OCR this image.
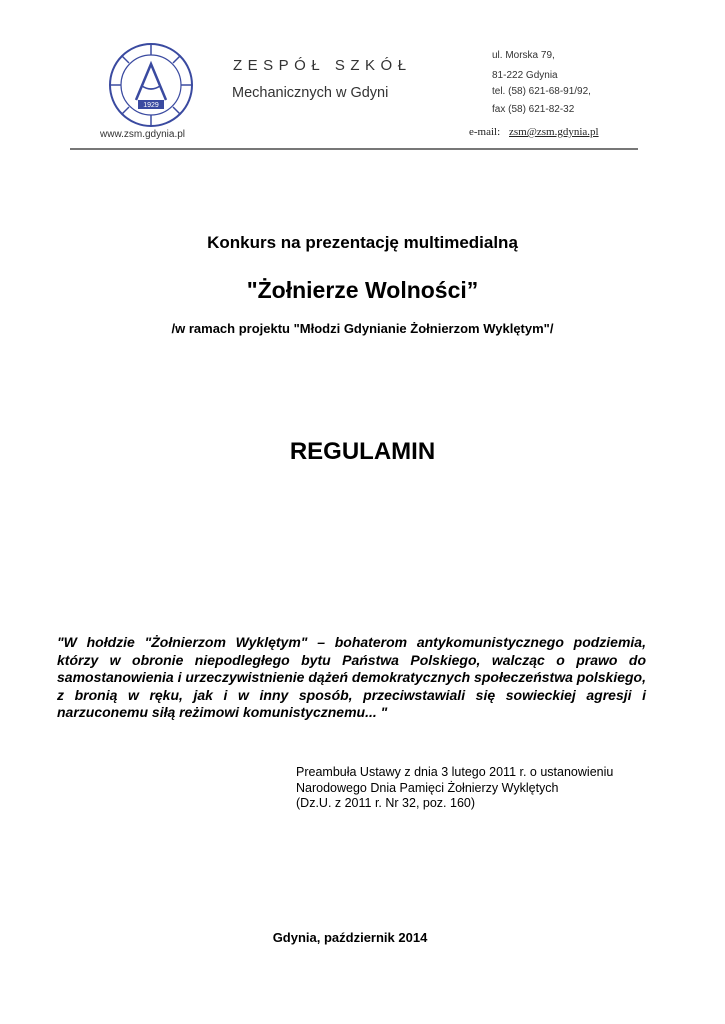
1929
ZESPÓŁ SZKÓŁ
Mechanicznych w Gdyni
www.zsm.gdynia.pl
ul. Morska 79,
81-222 Gdynia
tel. (58) 621-68-91/92,
fax (58) 621-82-32
e-mail: zsm@zsm.gdynia.pl
Konkurs na prezentację multimedialną
"Żołnierze Wolności”
/w ramach projektu "Młodzi Gdynianie Żołnierzom Wyklętym"/
REGULAMIN
"W hołdzie "Żołnierzom Wyklętym" – bohaterom antykomunistycznego podziemia, którzy w obronie niepodległego bytu Państwa Polskiego, walcząc o prawo do samostanowienia i urzeczywistnienie dążeń demokratycznych społeczeństwa polskiego, z bronią w ręku, jak i w inny sposób, przeciwstawiali się sowieckiej agresji i narzuconemu siłą reżimowi komunistycznemu... "
Preambuła Ustawy z dnia 3 lutego 2011 r. o ustanowieniu
Narodowego Dnia Pamięci Żołnierzy Wyklętych
(Dz.U. z 2011 r. Nr 32, poz. 160)
Gdynia, październik 2014
